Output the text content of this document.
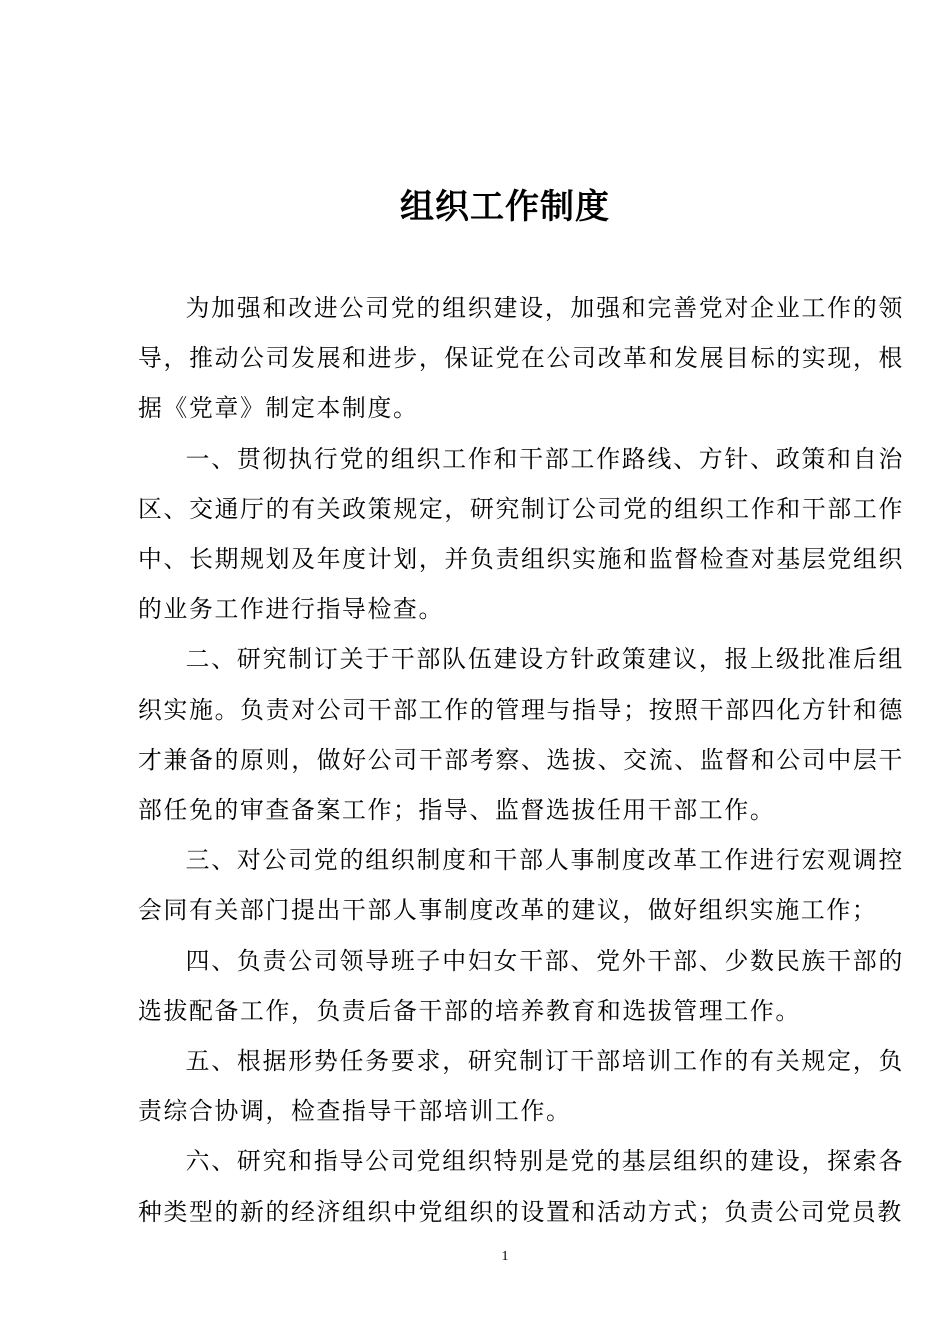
组织工作制度

为加强和改进公司党的组织建设，加强和完善党对企业工作的领导，推动公司发展和进步，保证党在公司改革和发展目标的实现，根据《党章》制定本制度。

一、贯彻执行党的组织工作和干部工作路线、方针、政策和自治区、交通厅的有关政策规定，研究制订公司党的组织工作和干部工作中、长期规划及年度计划，并负责组织实施和监督检查对基层党组织的业务工作进行指导检查。

二、研究制订关于干部队伍建设方针政策建议，报上级批准后组织实施。负责对公司干部工作的管理与指导；按照干部四化方针和德才兼备的原则，做好公司干部考察、选拔、交流、监督和公司中层干部任免的审查备案工作；指导、监督选拔任用干部工作。

三、对公司党的组织制度和干部人事制度改革工作进行宏观调控会同有关部门提出干部人事制度改革的建议，做好组织实施工作；

四、负责公司领导班子中妇女干部、党外干部、少数民族干部的选拔配备工作，负责后备干部的培养教育和选拔管理工作。

五、根据形势任务要求，研究制订干部培训工作的有关规定，负责综合协调，检查指导干部培训工作。

六、研究和指导公司党组织特别是党的基层组织的建设，探索各种类型的新的经济组织中党组织的设置和活动方式；负责公司党员教

1
